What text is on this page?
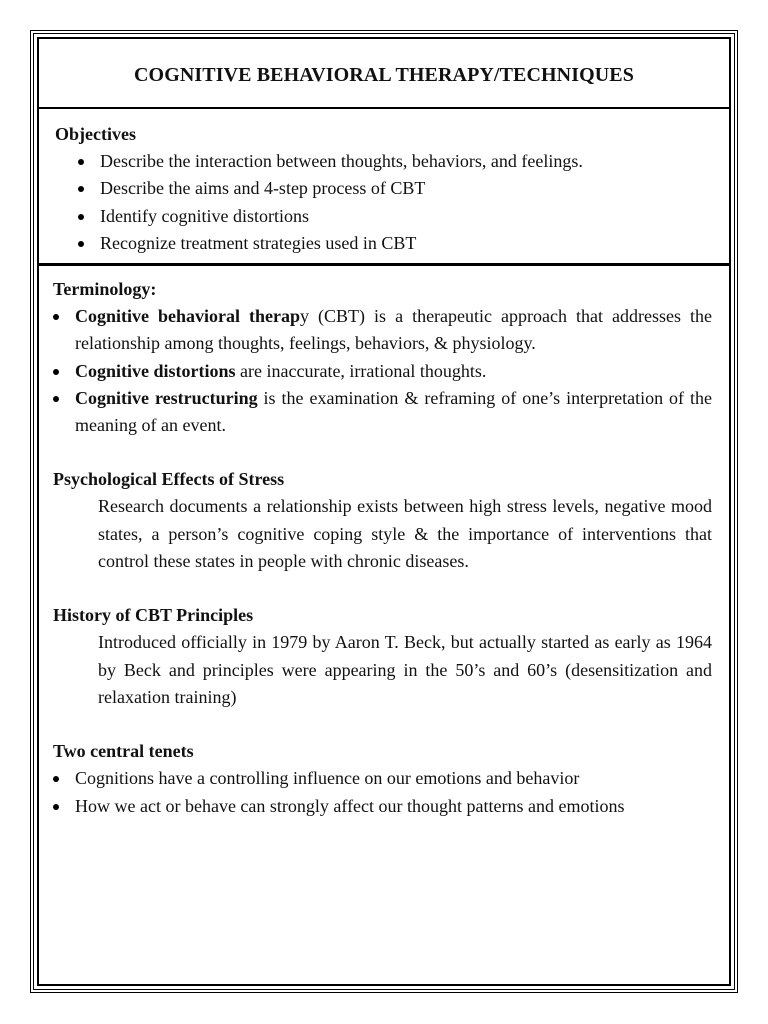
COGNITIVE BEHAVIORAL THERAPY/TECHNIQUES
Objectives
Describe the interaction between thoughts, behaviors, and feelings.
Describe the aims and 4-step process of CBT
Identify cognitive distortions
Recognize treatment strategies used in CBT
Terminology:
Cognitive behavioral therapy (CBT) is a therapeutic approach that addresses the relationship among thoughts, feelings, behaviors, & physiology.
Cognitive distortions are inaccurate, irrational thoughts.
Cognitive restructuring is the examination & reframing of one’s interpretation of the meaning of an event.
Psychological Effects of Stress

Research documents a relationship exists between high stress levels, negative mood states, a person’s cognitive coping style & the importance of interventions that control these states in people with chronic diseases.

History of CBT Principles

Introduced officially in 1979 by Aaron T. Beck, but actually started as early as 1964 by Beck and principles were appearing in the 50’s and 60’s (desensitization and relaxation training)

Two central tenets
Cognitions have a controlling influence on our emotions and behavior
How we act or behave can strongly affect our thought patterns and emotions
